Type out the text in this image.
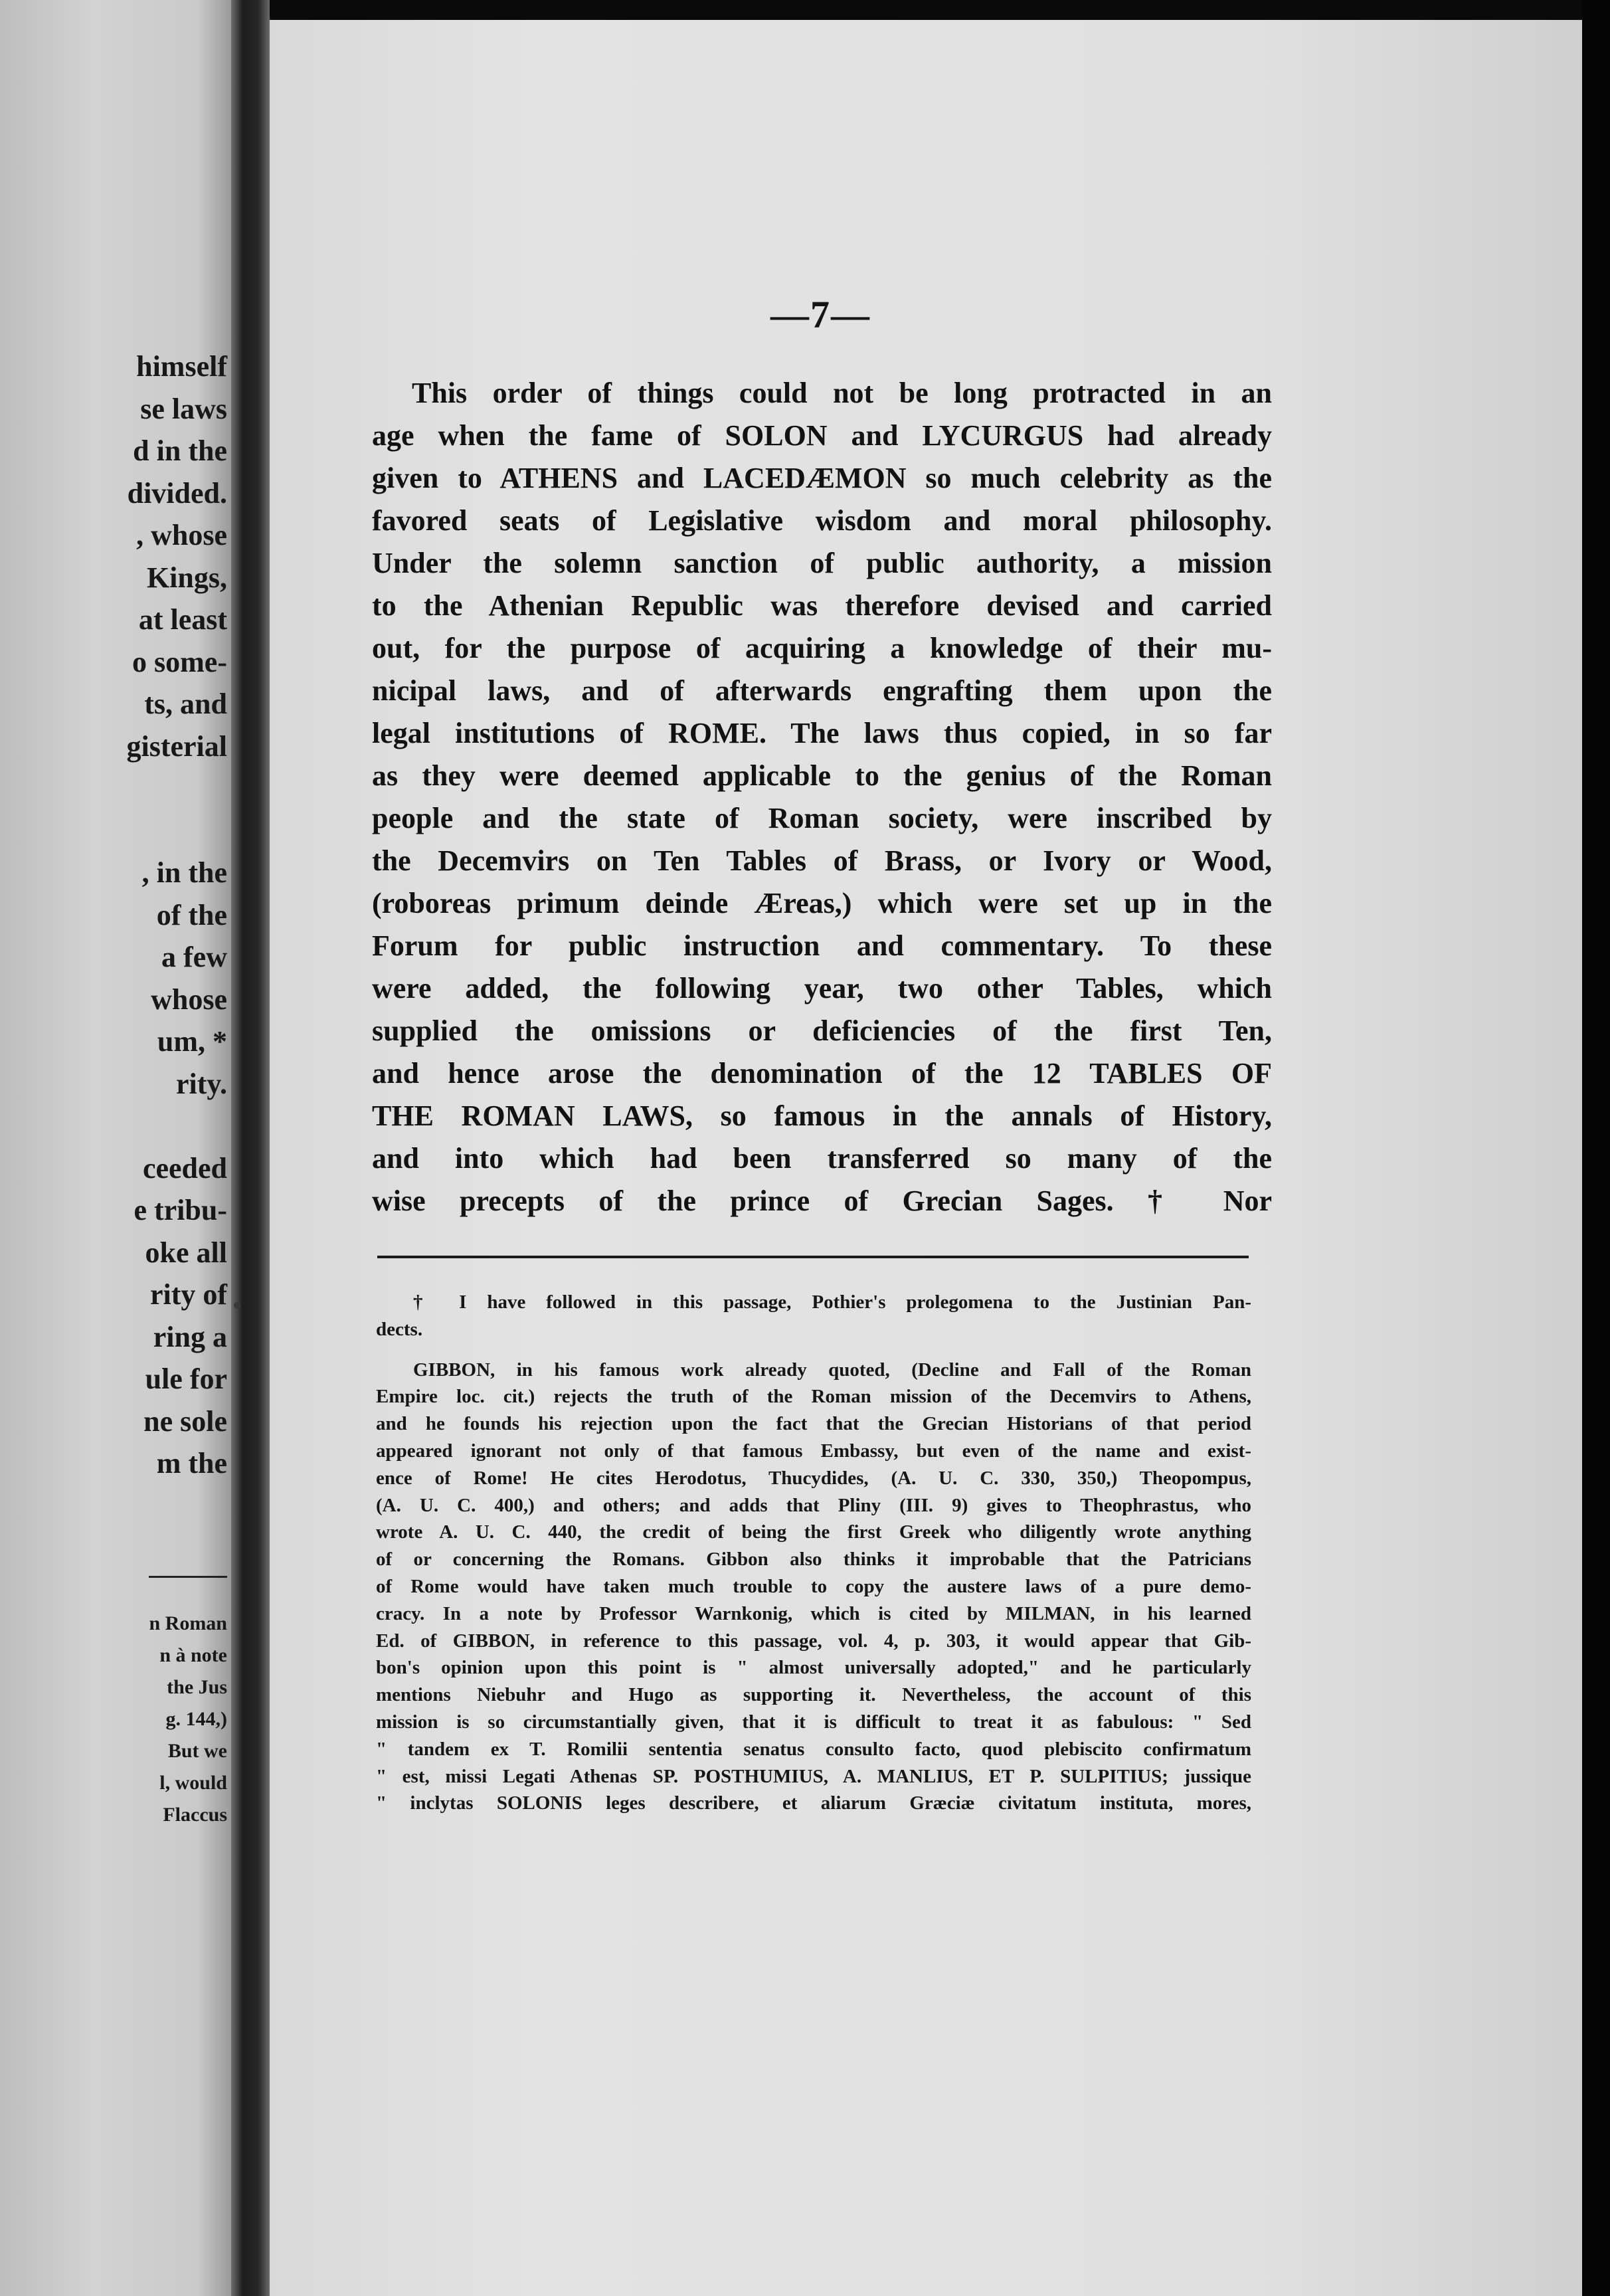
himself
se laws
d in the
divided.
, whose
Kings,
at least
o some-
ts, and
gisterial
, in the
of the
a few
whose
um, *
rity.
ceeded
e tribu-
oke all
rity of
ring a
ule for
ne sole
m the
n Roman
n à note
the Jus
g. 144,)
But we
l, would
Flaccus
—7—
This order of things could not be long protracted in an
age when the fame of SOLON and LYCURGUS had already
given to ATHENS and LACEDÆMON so much celebrity as the
favored seats of Legislative wisdom and moral philosophy.
Under the solemn sanction of public authority, a mission
to the Athenian Republic was therefore devised and carried
out, for the purpose of acquiring a knowledge of their mu-
nicipal laws, and of afterwards engrafting them upon the
legal institutions of ROME. The laws thus copied, in so far
as they were deemed applicable to the genius of the Roman
people and the state of Roman society, were inscribed by
the Decemvirs on Ten Tables of Brass, or Ivory or Wood,
(roboreas primum deinde Æreas,) which were set up in the
Forum for public instruction and commentary. To these
were added, the following year, two other Tables, which
supplied the omissions or deficiencies of the first Ten,
and hence arose the denomination of the 12 TABLES OF
THE ROMAN LAWS, so famous in the annals of History,
and into which had been transferred so many of the
wise precepts of the prince of Grecian Sages. † Nor
† I have followed in this passage, Pothier's prolegomena to the Justinian Pan-
dects.
GIBBON, in his famous work already quoted, (Decline and Fall of the Roman
Empire loc. cit.) rejects the truth of the Roman mission of the Decemvirs to Athens,
and he founds his rejection upon the fact that the Grecian Historians of that period
appeared ignorant not only of that famous Embassy, but even of the name and exist-
ence of Rome! He cites Herodotus, Thucydides, (A. U. C. 330, 350,) Theopompus,
(A. U. C. 400,) and others; and adds that Pliny (III. 9) gives to Theophrastus, who
wrote A. U. C. 440, the credit of being the first Greek who diligently wrote anything
of or concerning the Romans. Gibbon also thinks it improbable that the Patricians
of Rome would have taken much trouble to copy the austere laws of a pure demo-
cracy. In a note by Professor Warnkonig, which is cited by MILMAN, in his learned
Ed. of GIBBON, in reference to this passage, vol. 4, p. 303, it would appear that Gib-
bon's opinion upon this point is " almost universally adopted," and he particularly
mentions Niebuhr and Hugo as supporting it. Nevertheless, the account of this
mission is so circumstantially given, that it is difficult to treat it as fabulous: " Sed
" tandem ex T. Romilii sententia senatus consulto facto, quod plebiscito confirmatum
" est, missi Legati Athenas SP. POSTHUMIUS, A. MANLIUS, ET P. SULPITIUS; jussique
" inclytas SOLONIS leges describere, et aliarum Græciæ civitatum instituta, mores,
